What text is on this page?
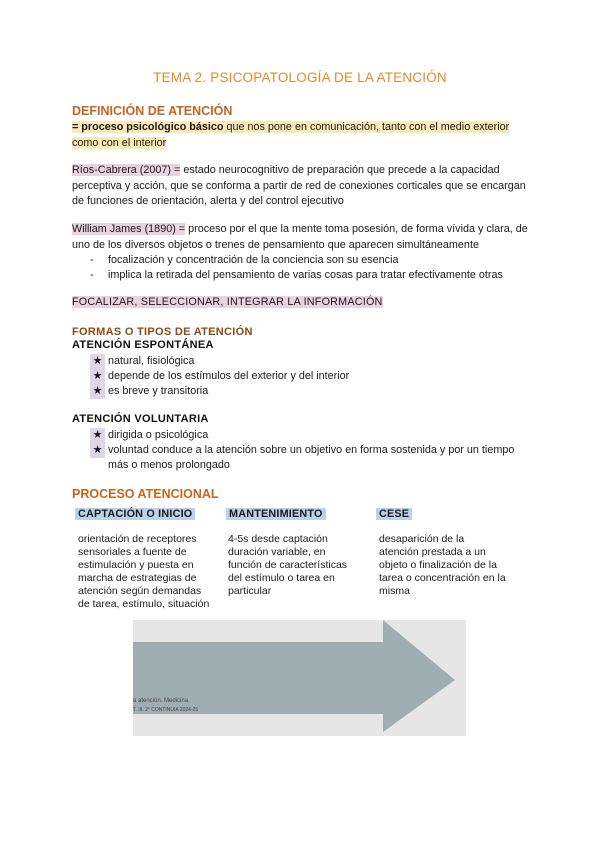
TEMA 2. PSICOPATOLOGÍA DE LA ATENCIÓN
DEFINICIÓN DE ATENCIÓN
= proceso psicológico básico que nos pone en comunicación, tanto con el medio exterior
como con el interior
Ríos-Cabrera (2007) = estado neurocognitivo de preparación que precede a la capacidad perceptiva y acción, que se conforma a partir de red de conexiones corticales que se encargan de funciones de orientación, alerta y del control ejecutivo
William James (1890) = proceso por el que la mente toma posesión, de forma vívida y clara, de uno de los diversos objetos o trenes de pensamiento que aparecen simultáneamente
- focalización y concentración de la conciencia son su esencia
- implica la retirada del pensamiento de varias cosas para tratar efectivamente otras
FOCALIZAR, SELECCIONAR, INTEGRAR LA INFORMACIÓN
FORMAS O TIPOS DE ATENCIÓN
ATENCIÓN ESPONTÁNEA
★ natural, fisiológica
★ depende de los estímulos del exterior y del interior
★ es breve y transitoria
ATENCIÓN VOLUNTARIA
★ dirigida o psicológica
★ voluntad conduce a la atención sobre un objetivo en forma sostenida y por un tiempo más o menos prolongado
PROCESO ATENCIONAL
CAPTACIÓN O INICIO	MANTENIMIENTO	CESE
orientación de receptores
sensoriales a fuente de
estimulación y puesta en
marcha de estrategias de
atención según demandas
de tarea, estímulo, situación
4-5s desde captación
duración variable, en
función de características
del estímulo o tarea en
particular
desaparición de la
atención prestada a un
objeto o finalización de la
tarea o concentración en la
misma
a atención. Medicina.
T. III. 2º CONTINUIA 2024-25
